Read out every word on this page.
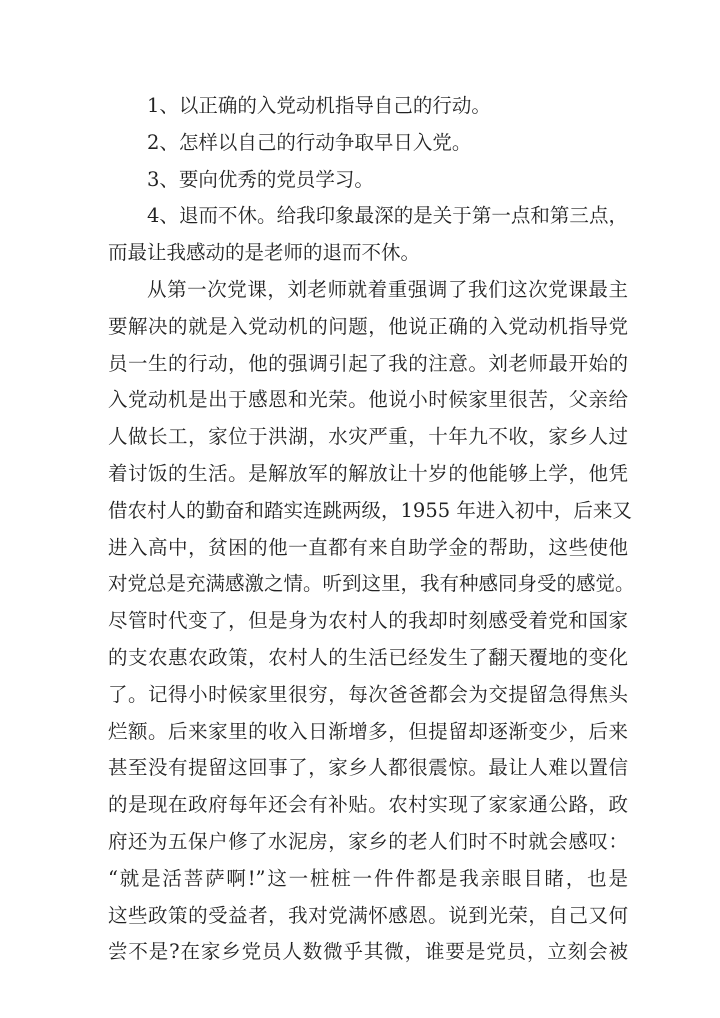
1、以正确的入党动机指导自己的行动。
2、怎样以自己的行动争取早日入党。
3、要向优秀的党员学习。
4、退而不休。给我印象最深的是关于第一点和第三点，
而最让我感动的是老师的退而不休。
从第一次党课，刘老师就着重强调了我们这次党课最主
要解决的就是入党动机的问题，他说正确的入党动机指导党
员一生的行动，他的强调引起了我的注意。刘老师最开始的
入党动机是出于感恩和光荣。他说小时候家里很苦，父亲给
人做长工，家位于洪湖，水灾严重，十年九不收，家乡人过
着讨饭的生活。是解放军的解放让十岁的他能够上学，他凭
借农村人的勤奋和踏实连跳两级，1955 年进入初中，后来又
进入高中，贫困的他一直都有来自助学金的帮助，这些使他
对党总是充满感激之情。听到这里，我有种感同身受的感觉。
尽管时代变了，但是身为农村人的我却时刻感受着党和国家
的支农惠农政策，农村人的生活已经发生了翻天覆地的变化
了。记得小时候家里很穷，每次爸爸都会为交提留急得焦头
烂额。后来家里的收入日渐增多，但提留却逐渐变少，后来
甚至没有提留这回事了，家乡人都很震惊。最让人难以置信
的是现在政府每年还会有补贴。农村实现了家家通公路，政
府还为五保户修了水泥房，家乡的老人们时不时就会感叹：
“就是活菩萨啊!”这一桩桩一件件都是我亲眼目睹，也是
这些政策的受益者，我对党满怀感恩。说到光荣，自己又何
尝不是?在家乡党员人数微乎其微，谁要是党员，立刻会被
